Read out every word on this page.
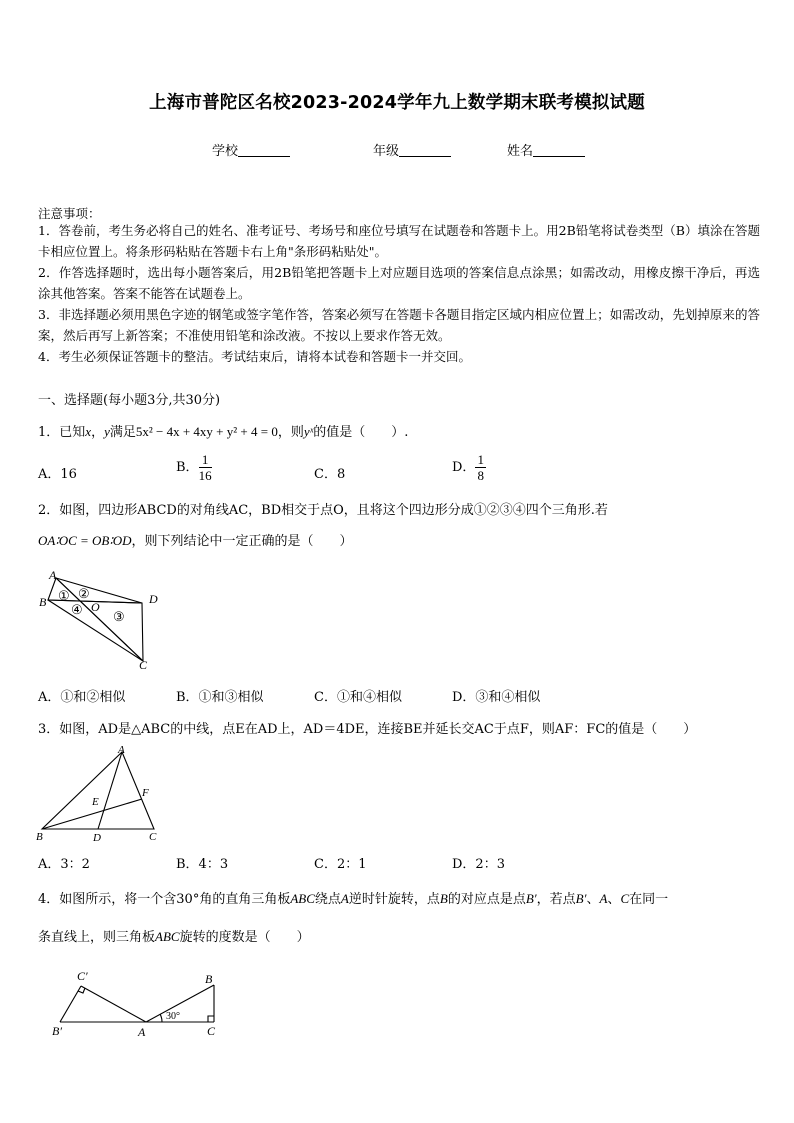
上海市普陀区名校2023-2024学年九上数学期末联考模拟试题
学校	年级	姓名
注意事项：
1．答卷前，考生务必将自己的姓名、准考证号、考场号和座位号填写在试题卷和答题卡上。用2B铅笔将试卷类型（B）填涂在答题卡相应位置上。将条形码粘贴在答题卡右上角"条形码粘贴处"。
2．作答选择题时，选出每小题答案后，用2B铅笔把答题卡上对应题目选项的答案信息点涂黑；如需改动，用橡皮擦干净后，再选涂其他答案。答案不能答在试题卷上。
3．非选择题必须用黑色字迹的钢笔或签字笔作答，答案必须写在答题卡各题目指定区域内相应位置上；如需改动，先划掉原来的答案，然后再写上新答案；不准使用铅笔和涂改液。不按以上要求作答无效。
4．考生必须保证答题卡的整洁。考试结束后，请将本试卷和答题卡一并交回。
一、选择题(每小题3分,共30分)
1．已知x，y满足5x² − 4x + 4xy + y² + 4 = 0，则yˣ的值是（　　）.
A．16	B． $\frac{1}{16}$	C．8	D． $\frac{1}{8}$
2．如图，四边形ABCD的对角线AC，BD相交于点O，且将这个四边形分成①②③④四个三角形.若
OA∶OC = OB∶OD，则下列结论中一定正确的是（　　）
A
B
C
D
O
① ②
③
④
A．①和②相似	B．①和③相似	C．①和④相似	D．③和④相似
3．如图，AD是△ABC的中线，点E在AD上，AD＝4DE，连接BE并延长交AC于点F，则AF：FC的值是（　　）
A
B	C
D
E
F
A．3：2	B．4：3	C．2：1	D．2：3
4．如图所示，将一个含30°角的直角三角板ABC绕点A逆时针旋转，点B的对应点是点B′，若点B′、A、C在同一
条直线上，则三角板ABC旋转的度数是（　　）
C′
B′	A
B
C
30°
